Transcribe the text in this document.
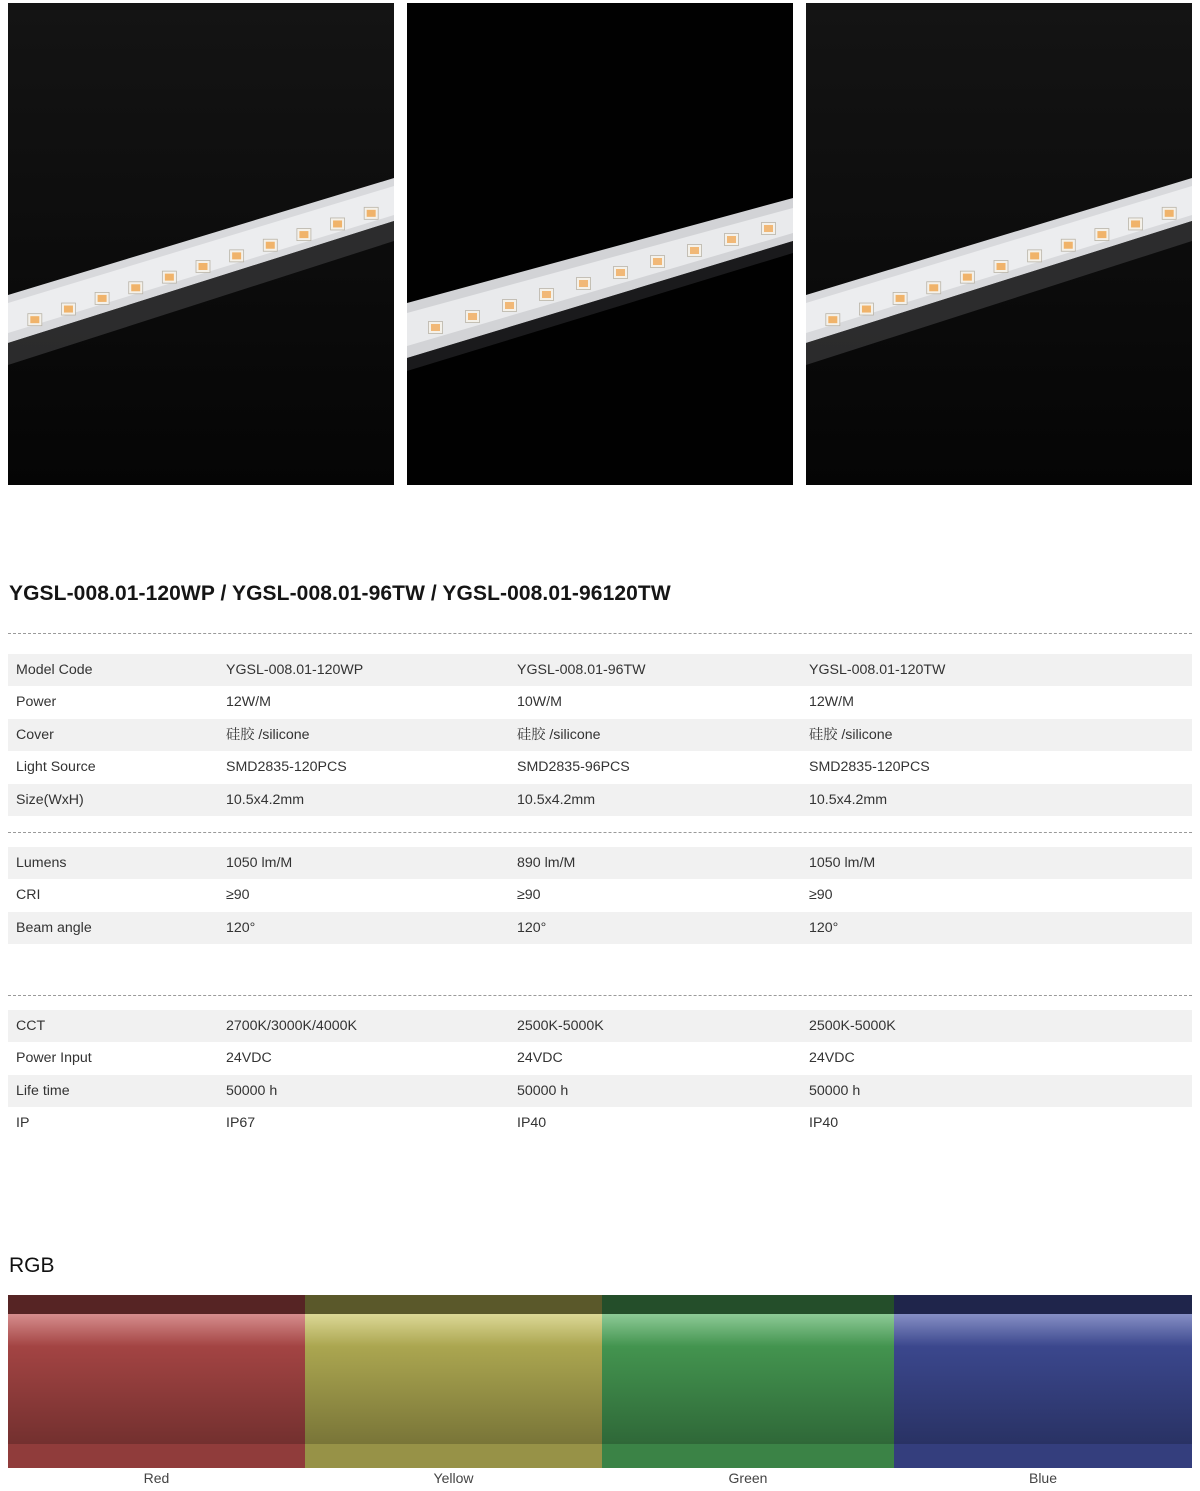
YGSL-008.01-120WP / YGSL-008.01-96TW / YGSL-008.01-96120TW
Model Code	YGSL-008.01-120WP	YGSL-008.01-96TW	YGSL-008.01-120TW
Power	12W/M	10W/M	12W/M
Cover	硅胶 /silicone	硅胶 /silicone	硅胶 /silicone
Light Source	SMD2835-120PCS	SMD2835-96PCS	SMD2835-120PCS
Size(WxH)	10.5x4.2mm	10.5x4.2mm	10.5x4.2mm
Lumens	1050 lm/M	890 lm/M	1050 lm/M
CRI	≥90	≥90	≥90
Beam angle	120°	120°	120°
CCT	2700K/3000K/4000K	2500K-5000K	2500K-5000K
Power Input	24VDC	24VDC	24VDC
Life time	50000 h	50000 h	50000 h
IP	IP67	IP40	IP40
RGB
Red	Yellow	Green	Blue
